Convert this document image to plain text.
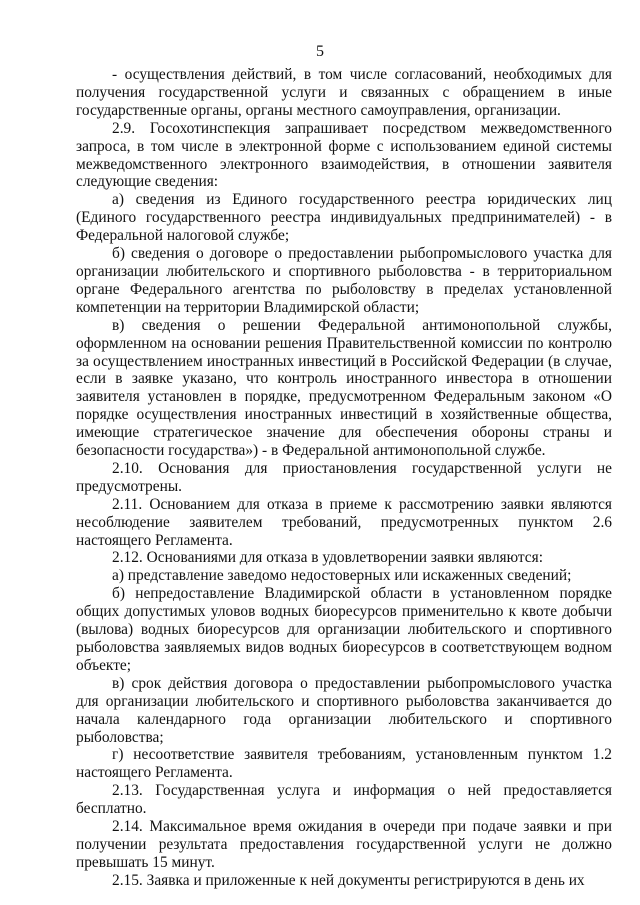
5

- осуществления действий, в том числе согласований, необходимых для получения государственной услуги и связанных с обращением в иные государственные органы, органы местного самоуправления, организации.

2.9. Госохотинспекция запрашивает посредством межведомственного запроса, в том числе в электронной форме с использованием единой системы межведомственного электронного взаимодействия, в отношении заявителя следующие сведения:

а) сведения из Единого государственного реестра юридических лиц (Единого государственного реестра индивидуальных предпринимателей) - в Федеральной налоговой службе;

б) сведения о договоре о предоставлении рыбопромыслового участка для организации любительского и спортивного рыболовства - в территориальном органе Федерального агентства по рыболовству в пределах установленной компетенции на территории Владимирской области;

в) сведения о решении Федеральной антимонопольной службы, оформленном на основании решения Правительственной комиссии по контролю за осуществлением иностранных инвестиций в Российской Федерации (в случае, если в заявке указано, что контроль иностранного инвестора в отношении заявителя установлен в порядке, предусмотренном Федеральным законом «О порядке осуществления иностранных инвестиций в хозяйственные общества, имеющие стратегическое значение для обеспечения обороны страны и безопасности государства») - в Федеральной антимонопольной службе.

2.10. Основания для приостановления государственной услуги не предусмотрены.

2.11. Основанием для отказа в приеме к рассмотрению заявки являются несоблюдение заявителем требований, предусмотренных пунктом 2.6 настоящего Регламента.

2.12. Основаниями для отказа в удовлетворении заявки являются:

а) представление заведомо недостоверных или искаженных сведений;

б) непредоставление Владимирской области в установленном порядке общих допустимых уловов водных биоресурсов применительно к квоте добычи (вылова) водных биоресурсов для организации любительского и спортивного рыболовства заявляемых видов водных биоресурсов в соответствующем водном объекте;

в) срок действия договора о предоставлении рыбопромыслового участка для организации любительского и спортивного рыболовства заканчивается до начала календарного года организации любительского и спортивного рыболовства;

г) несоответствие заявителя требованиям, установленным пунктом 1.2 настоящего Регламента.

2.13. Государственная услуга и информация о ней предоставляется бесплатно.

2.14. Максимальное время ожидания в очереди при подаче заявки и при получении результата предоставления государственной услуги не должно превышать 15 минут.

2.15. Заявка и приложенные к ней документы регистрируются в день их
